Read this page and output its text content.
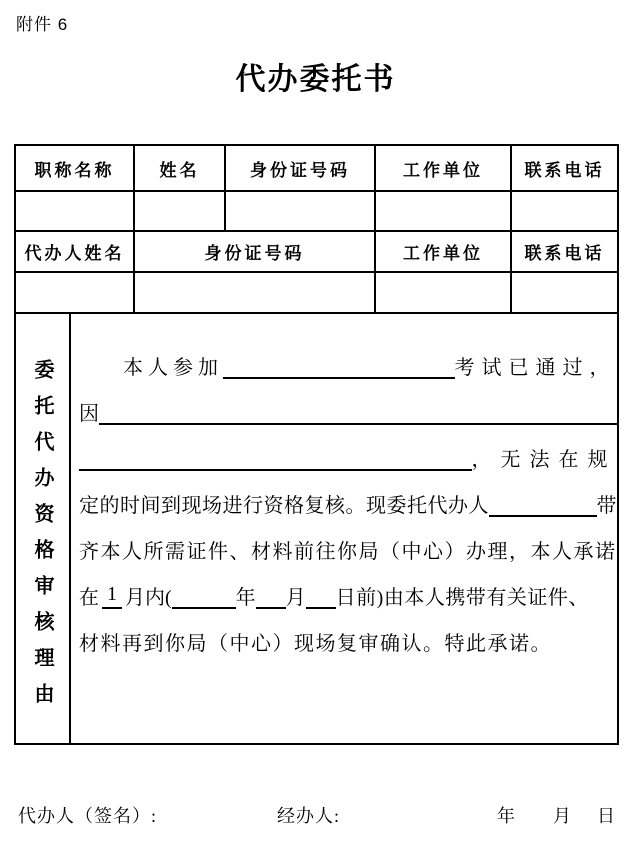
附件 6
代办委托书
职称名称	姓名	身份证号码	工作单位	联系电话

代办人姓名	身份证号码		工作单位	联系电话

委托代办资格审核理由	本人参加	考试已通过，
因
，无法在规
定的时间到现场进行资格复核。现委托代办人	带
齐本人所需证件、材料前往你局（中心）办理，本人承诺
在 1 月内(	年 月 日前)由本人携带有关证件、
材料再到你局（中心）现场复审确认。特此承诺。
代办人（签名）:	经办人:	年 月 日
